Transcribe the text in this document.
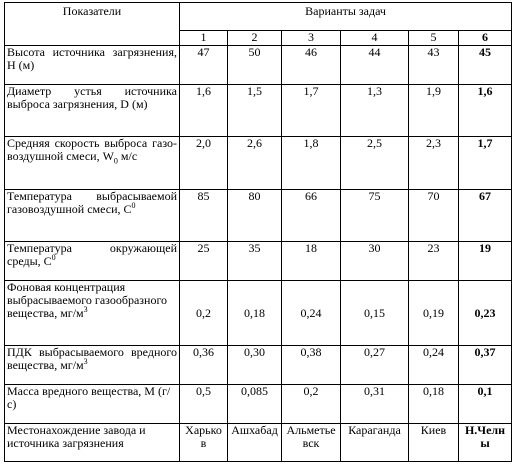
Показатели	Варианты задач					
	1	2	3	4	5	6
Высота источника загрязнения, Н (м)	47	50	46	44	43	45
Диаметр устья источника выброса загрязнения, D (м)	1,6	1,5	1,7	1,3	1,9	1,6
Средняя скорость выброса газо-воздушной смеси, $W_0$ м/с	2,0	2,6	1,8	2,5	2,3	1,7
Температура выбрасываемой газовоздушной смеси, $С^0$	85	80	66	75	70	67
Температура окружающей среды, $С^0$	25	35	18	30	23	19
Фоновая концентрация выбрасываемого газообразного вещества, $мг/м^3$	0,2	0,18	0,24	0,15	0,19	0,23
ПДК выбрасываемого вредного вещества, $мг/м^3$	0,36	0,30	0,38	0,27	0,24	0,37
Масса вредного вещества, М (г/с)	0,5	0,085	0,2	0,31	0,18	0,1
Местонахождение завода и источника загрязнения	Харьков	Ашхабад	Альметьевск	Караганда	Киев	Н.Челны
